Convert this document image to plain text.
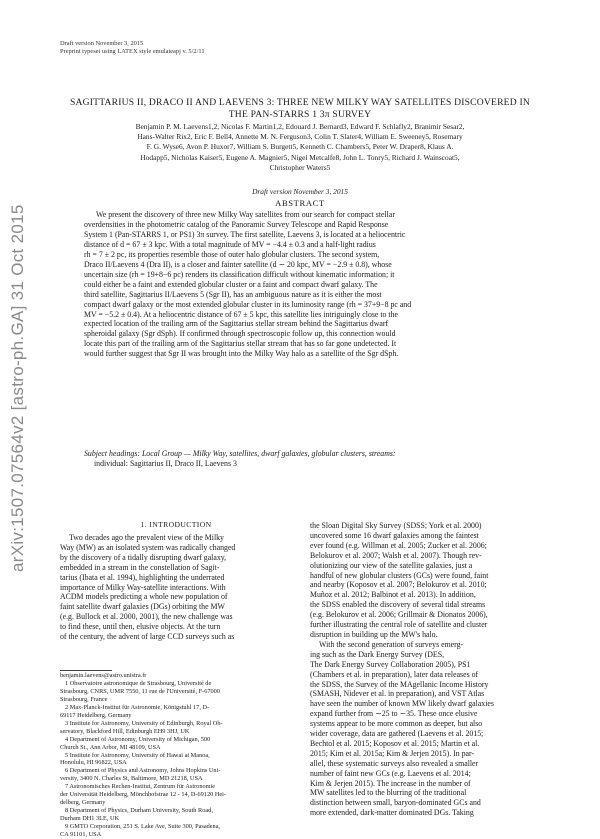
Draft version November 3, 2015
Preprint typeset using LATEX style emulateapj v. 5/2/11
arXiv:1507.07564v2 [astro-ph.GA] 31 Oct 2015
SAGITTARIUS II, DRACO II AND LAEVENS 3: THREE NEW MILKY WAY SATELLITES DISCOVERED IN
THE PAN-STARRS 1 3π SURVEY
Benjamin P. M. Laevens1,2, Nicolas F. Martin1,2, Edouard J. Bernard3, Edward F. Schlafly2, Branimir Sesar2,
Hans-Walter Rix2, Eric F. Bell4, Annette M. N. Ferguson3, Colin T. Slater4, William E. Sweeney5, Rosemary
F. G. Wyse6, Avon P. Huxor7, William S. Burgett5, Kenneth C. Chambers5, Peter W. Draper8, Klaus A.
Hodapp5, Nicholas Kaiser5, Eugene A. Magnier5, Nigel Metcalfe8, John L. Tonry5, Richard J. Wainscoat5,
Christopher Waters5
Draft version November 3, 2015
ABSTRACT
We present the discovery of three new Milky Way satellites from our search for compact stellar
overdensities in the photometric catalog of the Panoramic Survey Telescope and Rapid Response
System 1 (Pan-STARRS 1, or PS1) 3π survey. The first satellite, Laevens 3, is located at a heliocentric
distance of d = 67 ± 3 kpc. With a total magnitude of MV = −4.4 ± 0.3 and a half-light radius
rh = 7 ± 2 pc, its properties resemble those of outer halo globular clusters. The second system,
Draco II/Laevens 4 (Dra II), is a closer and fainter satellite (d ∼ 20 kpc, MV = −2.9 ± 0.8), whose
uncertain size (rh = 19+8−6 pc) renders its classification difficult without kinematic information; it
could either be a faint and extended globular cluster or a faint and compact dwarf galaxy. The
third satellite, Sagittarius II/Laevens 5 (Sgr II), has an ambiguous nature as it is either the most
compact dwarf galaxy or the most extended globular cluster in its luminosity range (rh = 37+9−8 pc and
MV = −5.2 ± 0.4). At a heliocentric distance of 67 ± 5 kpc, this satellite lies intriguingly close to the
expected location of the trailing arm of the Sagittarius stellar stream behind the Sagittarius dwarf
spheroidal galaxy (Sgr dSph). If confirmed through spectroscopic follow up, this connection would
locate this part of the trailing arm of the Sagittarius stellar stream that has so far gone undetected. It
would further suggest that Sgr II was brought into the Milky Way halo as a satellite of the Sgr dSph.
Subject headings: Local Group — Milky Way, satellites, dwarf galaxies, globular clusters, streams:
individual: Sagittarius II, Draco II, Laevens 3
1. INTRODUCTION
Two decades ago the prevalent view of the Milky
Way (MW) as an isolated system was radically changed
by the discovery of a tidally disrupting dwarf galaxy,
embedded in a stream in the constellation of Sagit-
tarius (Ibata et al. 1994), highlighting the underrated
importance of Milky Way-satellite interactions. With
ACDM models predicting a whole new population of
faint satellite dwarf galaxies (DGs) orbiting the MW
(e.g. Bullock et al. 2000, 2001), the new challenge was
to find these, until then, elusive objects. At the turn
of the century, the advent of large CCD surveys such as
benjamin.laevens@astro.unistra.fr
1 Observatoire astronomique de Strasbourg, Université de
Strasbourg, CNRS, UMR 7550, 11 rue de l'Université, F-67000
Strasbourg, France
2 Max-Planck-Institut für Astronomie, Königstuhl 17, D-
69117 Heidelberg, Germany
3 Institute for Astronomy, University of Edinburgh, Royal Ob-
servatory, Blackford Hill, Edinburgh EH9 3HJ, UK
4 Department of Astronomy, University of Michigan, 500
Church St., Ann Arbor, MI 48109, USA
5 Institute for Astronomy, University of Hawai at Manoa,
Honolulu, HI 96822, USA
6 Department of Physics and Astronomy, Johns Hopkins Uni-
versity, 3400 N. Charles St, Baltimore, MD 21218, USA
7 Astronomisches Rechen-Institut, Zentrum für Astronomie
der Universität Heidelberg, Mönchhofstrae 12 - 14, D-69120 Hei-
delberg, Germany
8 Department of Physics, Durham University, South Road,
Durham DH1 3LE, UK
9 GMTO Corporation, 251 S. Lake Ave, Suite 300, Pasadena,
CA 91101, USA
the Sloan Digital Sky Survey (SDSS; York et al. 2000)
uncovered some 16 dwarf galaxies among the faintest
ever found (e.g. Willman et al. 2005; Zucker et al. 2006;
Belokurov et al. 2007; Walsh et al. 2007). Though rev-
olutionizing our view of the satellite galaxies, just a
handful of new globular clusters (GCs) were found, faint
and nearby (Koposov et al. 2007; Belokurov et al. 2010;
Muñoz et al. 2012; Balbinot et al. 2013). In addition,
the SDSS enabled the discovery of several tidal streams
(e.g. Belokurov et al. 2006; Grillmair & Dionatos 2006),
further illustrating the central role of satellite and cluster
disruption in building up the MW's halo.
With the second generation of surveys emerg-
ing such as the Dark Energy Survey (DES,
The Dark Energy Survey Collaboration 2005), PS1
(Chambers et al. in preparation), later data releases of
the SDSS, the Survey of the MAgellanic Income History
(SMASH, Nidever et al. in preparation), and VST Atlas
have seen the number of known MW likely dwarf galaxies
expand further from ∼25 to ∼35. These once elusive
systems appear to be more common as deeper, but also
wider coverage, data are gathered (Laevens et al. 2015;
Bechtol et al. 2015; Koposov et al. 2015; Martin et al.
2015; Kim et al. 2015a; Kim & Jerjen 2015). In par-
allel, these systematic surveys also revealed a smaller
number of faint new GCs (e.g. Laevens et al. 2014;
Kim & Jerjen 2015). The increase in the number of
MW satellites led to the blurring of the traditional
distinction between small, baryon-dominated GCs and
more extended, dark-matter dominated DGs. Taking
